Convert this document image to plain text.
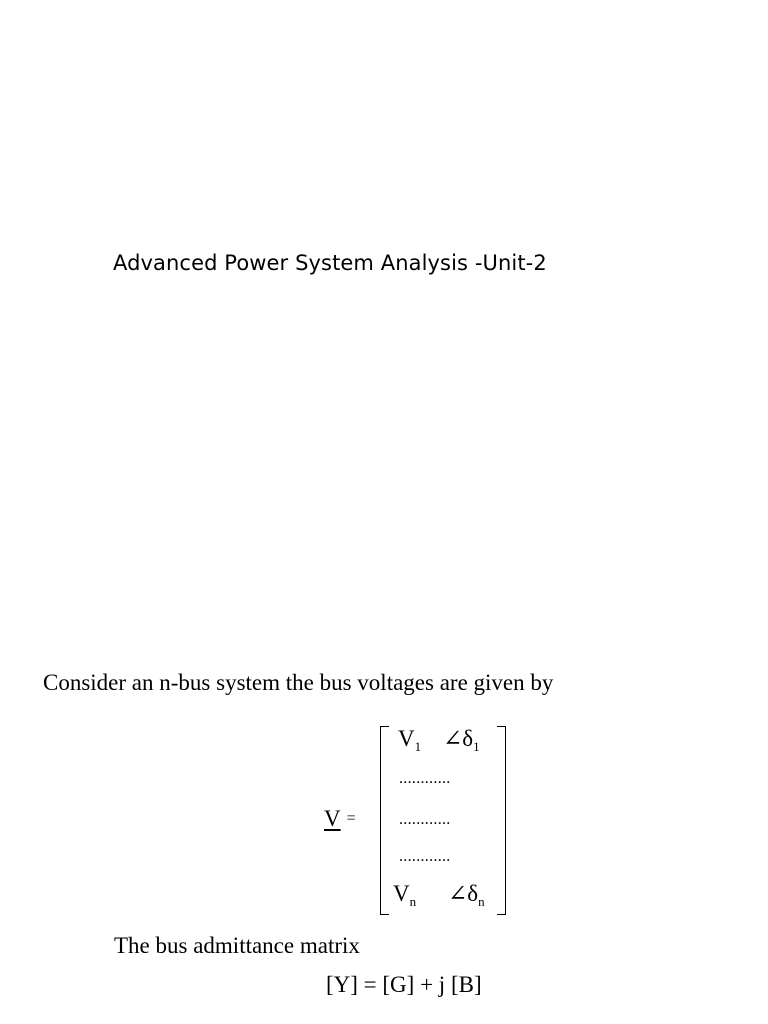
Advanced Power System Analysis -Unit-2
Consider an n-bus system the bus voltages are given by
V =
$V_1$ $\angle\delta_1$
............
............
............
$V_n$ $\angle\delta_n$
The bus admittance matrix
[Y] = [G] + j [B]
